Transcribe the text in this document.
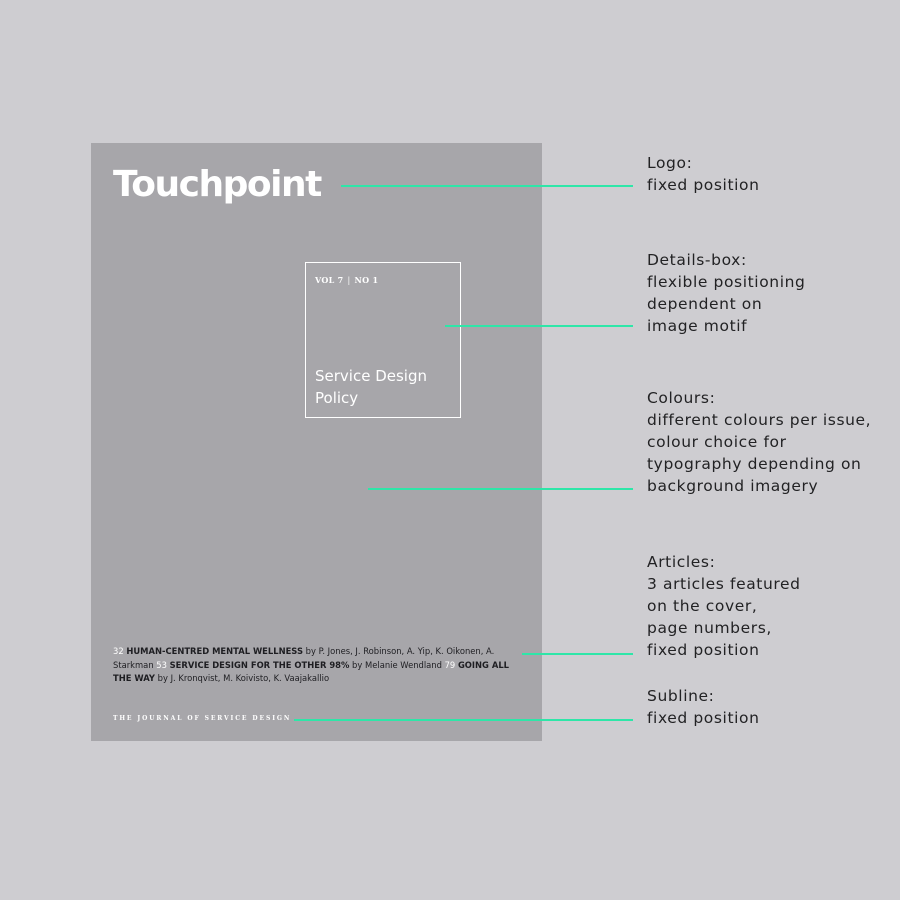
Touchpoint
VOL 7 | NO 1
Service Design Policy
32 HUMAN-CENTRED MENTAL WELLNESS by P. Jones, J. Robinson, A. Yip, K. Oikonen, A. Starkman 53 SERVICE DESIGN FOR THE OTHER 98% by Melanie Wendland 79 GOING ALL THE WAY by J. Kronqvist, M. Koivisto, K. Vaajakallio
THE JOURNAL OF SERVICE DESIGN
Logo:
fixed position
Details-box:
flexible positioning
dependent on
image motif
Colours:
different colours per issue,
colour choice for
typography depending on
background imagery
Articles:
3 articles featured
on the cover,
page numbers,
fixed position
Subline:
fixed position
